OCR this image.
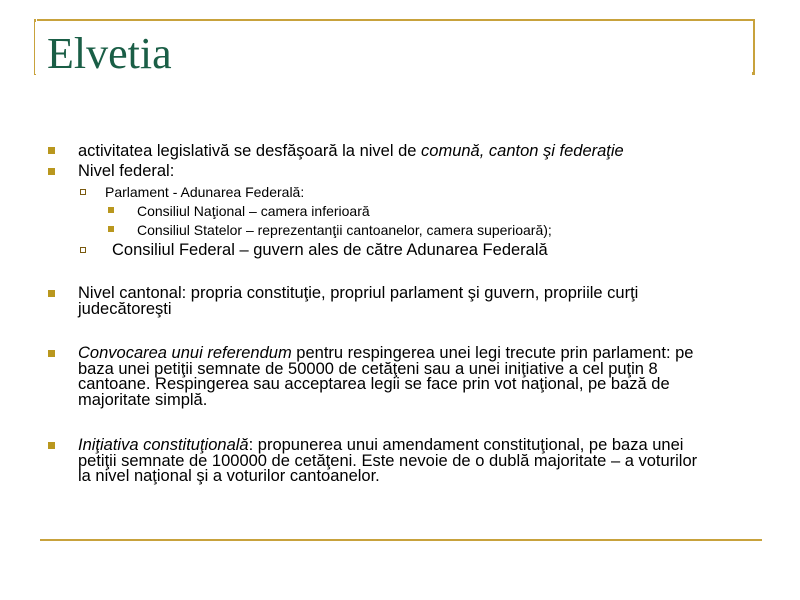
Elvetia
activitatea legislativă se desfăşoară la nivel de comună, canton şi federaţie
Nivel federal:
Parlament - Adunarea Federală:
Consiliul Naţional – camera inferioară
Consiliul Statelor – reprezentanţii cantoanelor, camera superioară);
Consiliul Federal – guvern ales de către Adunarea Federală
Nivel cantonal: propria constituţie, propriul parlament şi guvern, propriile curţi
judecătoreşti
Convocarea unui referendum pentru respingerea unei legi trecute prin parlament: pe
baza unei petiţii semnate de 50000 de cetăţeni sau a unei iniţiative a cel puţin 8
cantoane. Respingerea sau acceptarea legii se face prin vot naţional, pe bază de
majoritate simplă.
Iniţiativa constituţională: propunerea unui amendament constituţional, pe baza unei
petiţii semnate de 100000 de cetăţeni. Este nevoie de o dublă majoritate – a voturilor
la nivel naţional şi a voturilor cantoanelor.
